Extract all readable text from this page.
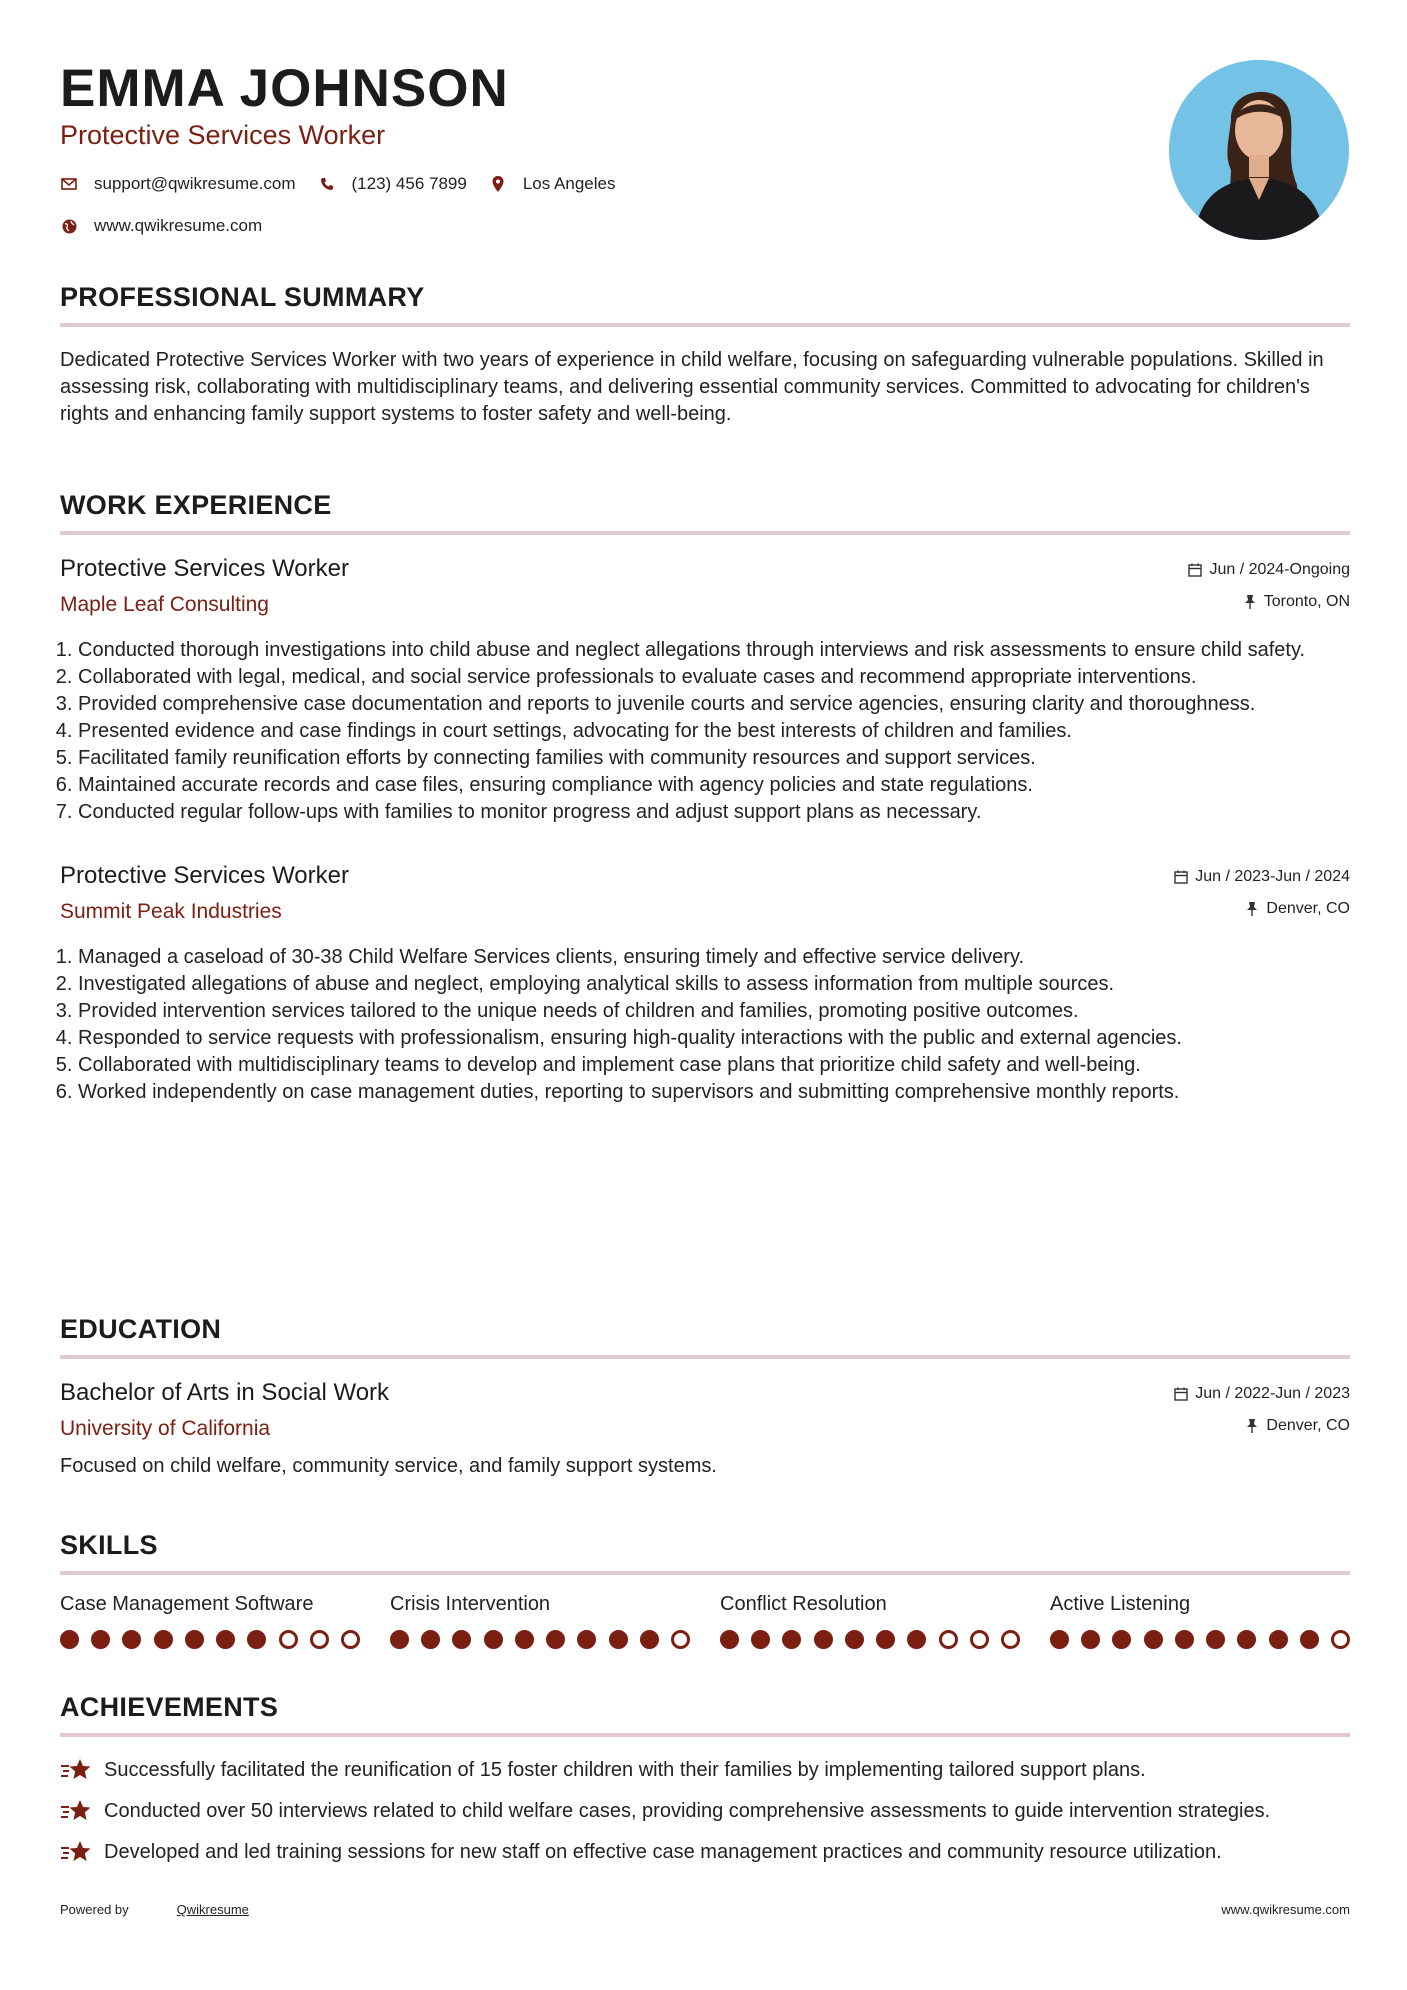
EMMA JOHNSON
Protective Services Worker
support@qwikresume.com	(123) 456 7899	Los Angeles
www.qwikresume.com
PROFESSIONAL SUMMARY
Dedicated Protective Services Worker with two years of experience in child welfare, focusing on safeguarding vulnerable populations. Skilled in assessing risk, collaborating with multidisciplinary teams, and delivering essential community services. Committed to advocating for children's rights and enhancing family support systems to foster safety and well-being.
WORK EXPERIENCE
Protective Services Worker
Maple Leaf Consulting
Jun / 2024-Ongoing
Toronto, ON
1. Conducted thorough investigations into child abuse and neglect allegations through interviews and risk assessments to ensure child safety.
2. Collaborated with legal, medical, and social service professionals to evaluate cases and recommend appropriate interventions.
3. Provided comprehensive case documentation and reports to juvenile courts and service agencies, ensuring clarity and thoroughness.
4. Presented evidence and case findings in court settings, advocating for the best interests of children and families.
5. Facilitated family reunification efforts by connecting families with community resources and support services.
6. Maintained accurate records and case files, ensuring compliance with agency policies and state regulations.
7. Conducted regular follow-ups with families to monitor progress and adjust support plans as necessary.
Protective Services Worker
Summit Peak Industries
Jun / 2023-Jun / 2024
Denver, CO
1. Managed a caseload of 30-38 Child Welfare Services clients, ensuring timely and effective service delivery.
2. Investigated allegations of abuse and neglect, employing analytical skills to assess information from multiple sources.
3. Provided intervention services tailored to the unique needs of children and families, promoting positive outcomes.
4. Responded to service requests with professionalism, ensuring high-quality interactions with the public and external agencies.
5. Collaborated with multidisciplinary teams to develop and implement case plans that prioritize child safety and well-being.
6. Worked independently on case management duties, reporting to supervisors and submitting comprehensive monthly reports.
EDUCATION
Bachelor of Arts in Social Work
University of California
Jun / 2022-Jun / 2023
Denver, CO
Focused on child welfare, community service, and family support systems.
SKILLS
Case Management Software	Crisis Intervention	Conflict Resolution	Active Listening
ACHIEVEMENTS
Successfully facilitated the reunification of 15 foster children with their families by implementing tailored support plans.
Conducted over 50 interviews related to child welfare cases, providing comprehensive assessments to guide intervention strategies.
Developed and led training sessions for new staff on effective case management practices and community resource utilization.
Powered by	Qwikresume	www.qwikresume.com
